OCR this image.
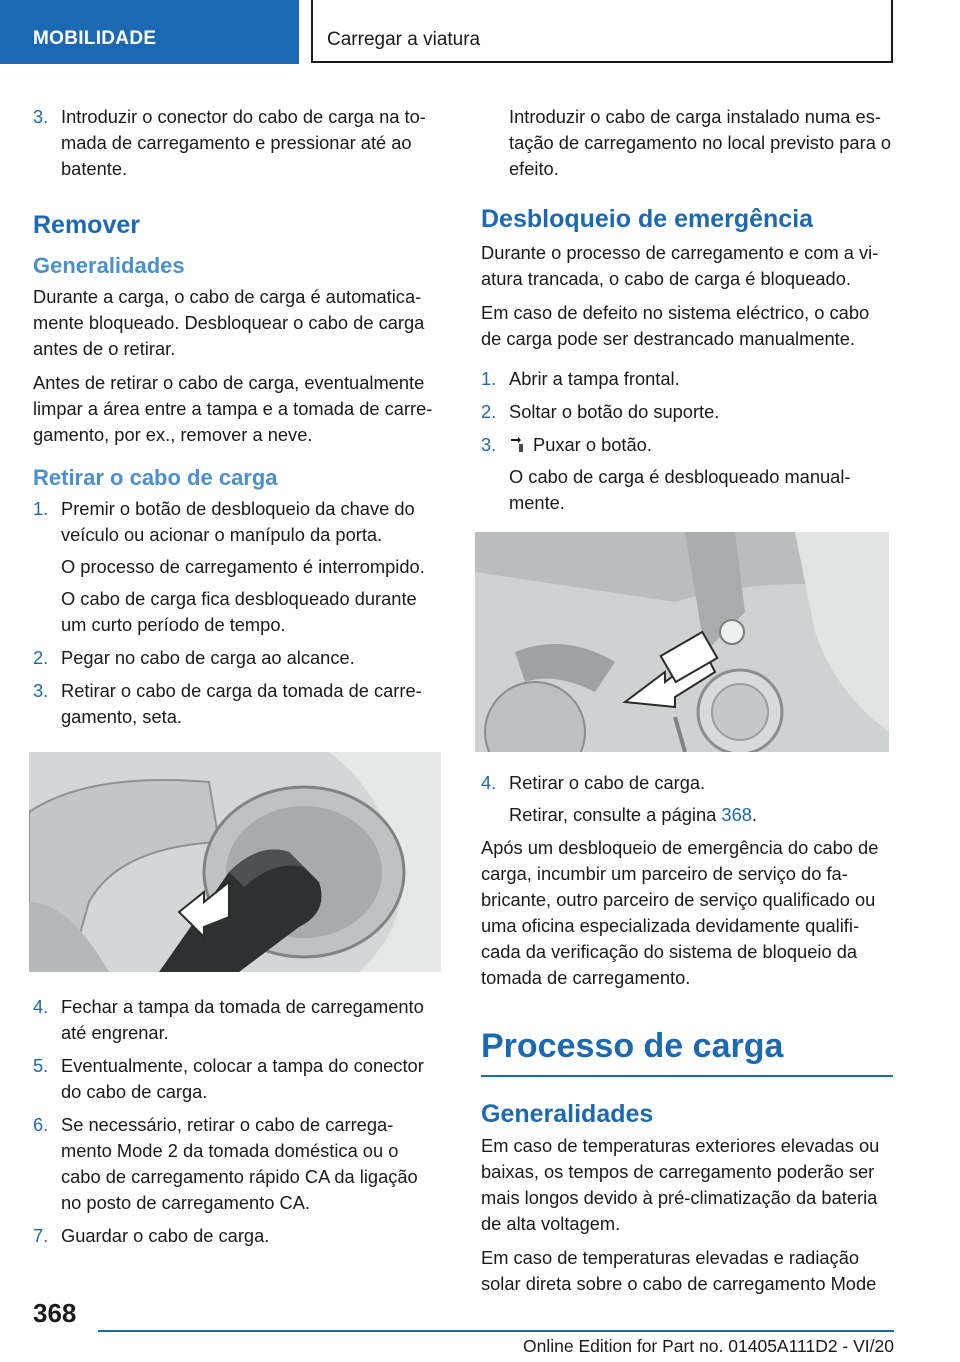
MOBILIDADE	Carregar a viatura
3. Introduzir o conector do cabo de carga na to-mada de carregamento e pressionar até ao batente.
Remover
Generalidades

Durante a carga, o cabo de carga é automatica-mente bloqueado. Desbloquear o cabo de carga antes de o retirar.

Antes de retirar o cabo de carga, eventualmente limpar a área entre a tampa e a tomada de carre-gamento, por ex., remover a neve.

Retirar o cabo de carga
1. Premir o botão de desbloqueio da chave do veículo ou acionar o manípulo da porta.
O processo de carregamento é interrompido.
O cabo de carga fica desbloqueado durante um curto período de tempo.
2. Pegar no cabo de carga ao alcance.
3. Retirar o cabo de carga da tomada de carre-gamento, seta.
4. Fechar a tampa da tomada de carregamento até engrenar.
5. Eventualmente, colocar a tampa do conector do cabo de carga.
6. Se necessário, retirar o cabo de carrega-mento Mode 2 da tomada doméstica ou o cabo de carregamento rápido CA da ligação no posto de carregamento CA.
7. Guardar o cabo de carga.

Introduzir o cabo de carga instalado numa es-tação de carregamento no local previsto para o efeito.

Desbloqueio de emergência

Durante o processo de carregamento e com a vi-atura trancada, o cabo de carga é bloqueado.

Em caso de defeito no sistema eléctrico, o cabo de carga pode ser destrancado manualmente.

1. Abrir a tampa frontal.
2. Soltar o botão do suporte.
3. Puxar o botão.
O cabo de carga é desbloqueado manual-mente.
4. Retirar o cabo de carga.
Retirar, consulte a página 368.

Após um desbloqueio de emergência do cabo de carga, incumbir um parceiro de serviço do fa-bricante, outro parceiro de serviço qualificado ou uma oficina especializada devidamente qualifi-cada da verificação do sistema de bloqueio da tomada de carregamento.

Processo de carga
Generalidades

Em caso de temperaturas exteriores elevadas ou baixas, os tempos de carregamento poderão ser mais longos devido à pré-climatização da bateria de alta voltagem.

Em caso de temperaturas elevadas e radiação solar direta sobre o cabo de carregamento Mode

368
Online Edition for Part no. 01405A111D2 - VI/20
